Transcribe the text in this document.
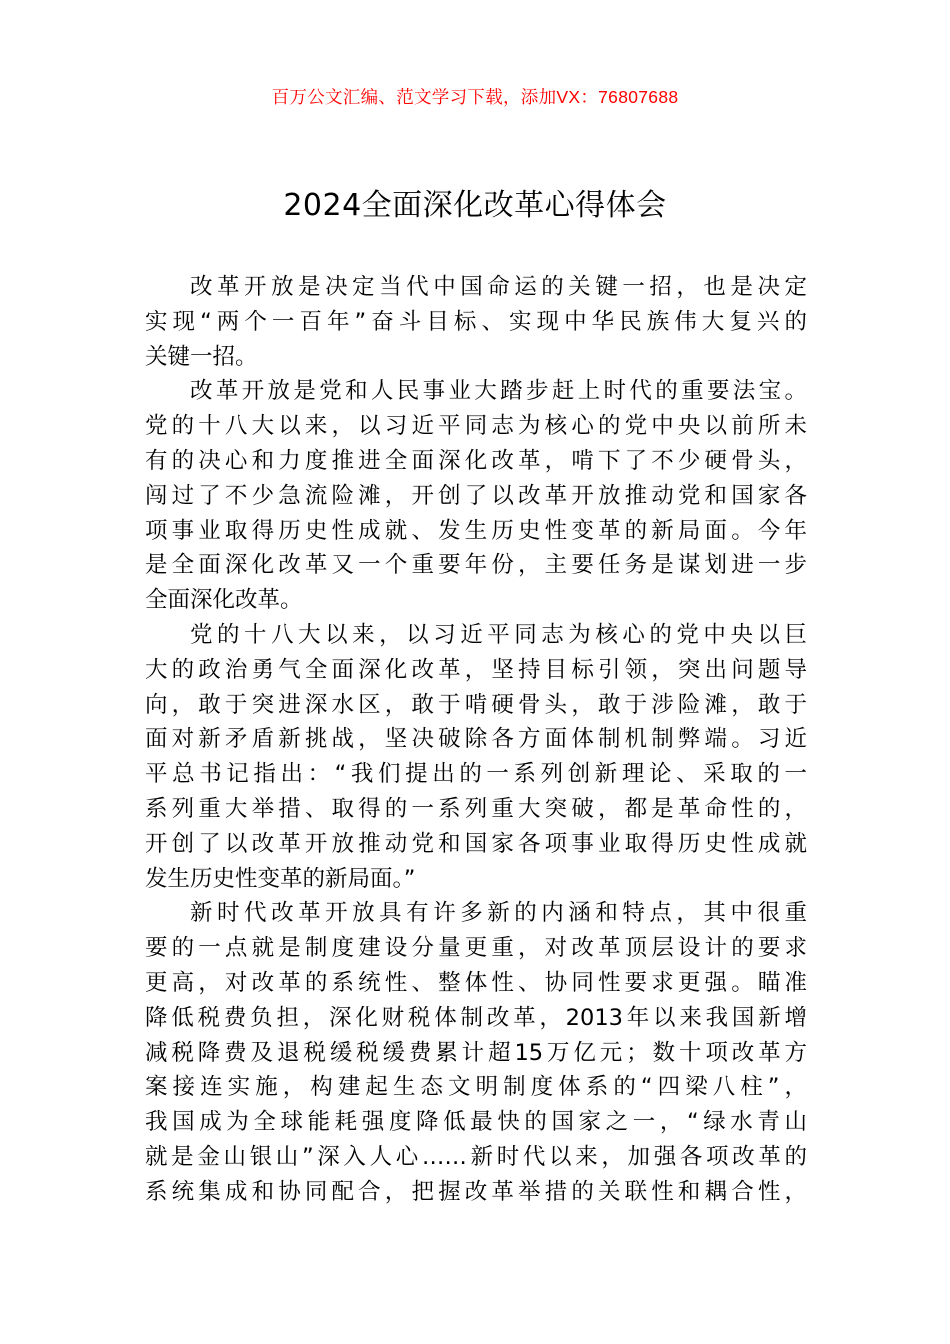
百万公文汇编、范文学习下载，添加VX：76807688
2024全面深化改革心得体会
改革开放是决定当代中国命运的关键一招，也是决定
实现“两个一百年”奋斗目标、实现中华民族伟大复兴的
关键一招。
改革开放是党和人民事业大踏步赶上时代的重要法宝。
党的十八大以来，以习近平同志为核心的党中央以前所未
有的决心和力度推进全面深化改革，啃下了不少硬骨头，
闯过了不少急流险滩，开创了以改革开放推动党和国家各
项事业取得历史性成就、发生历史性变革的新局面。今年
是全面深化改革又一个重要年份，主要任务是谋划进一步
全面深化改革。
党的十八大以来，以习近平同志为核心的党中央以巨
大的政治勇气全面深化改革，坚持目标引领，突出问题导
向，敢于突进深水区，敢于啃硬骨头，敢于涉险滩，敢于
面对新矛盾新挑战，坚决破除各方面体制机制弊端。习近
平总书记指出：“我们提出的一系列创新理论、采取的一
系列重大举措、取得的一系列重大突破，都是革命性的，
开创了以改革开放推动党和国家各项事业取得历史性成就
发生历史性变革的新局面。”
新时代改革开放具有许多新的内涵和特点，其中很重
要的一点就是制度建设分量更重，对改革顶层设计的要求
更高，对改革的系统性、整体性、协同性要求更强。瞄准
降低税费负担，深化财税体制改革，2013年以来我国新增
减税降费及退税缓税缓费累计超15万亿元；数十项改革方
案接连实施，构建起生态文明制度体系的“四梁八柱”，
我国成为全球能耗强度降低最快的国家之一，“绿水青山
就是金山银山”深入人心……新时代以来，加强各项改革的
系统集成和协同配合，把握改革举措的关联性和耦合性，
